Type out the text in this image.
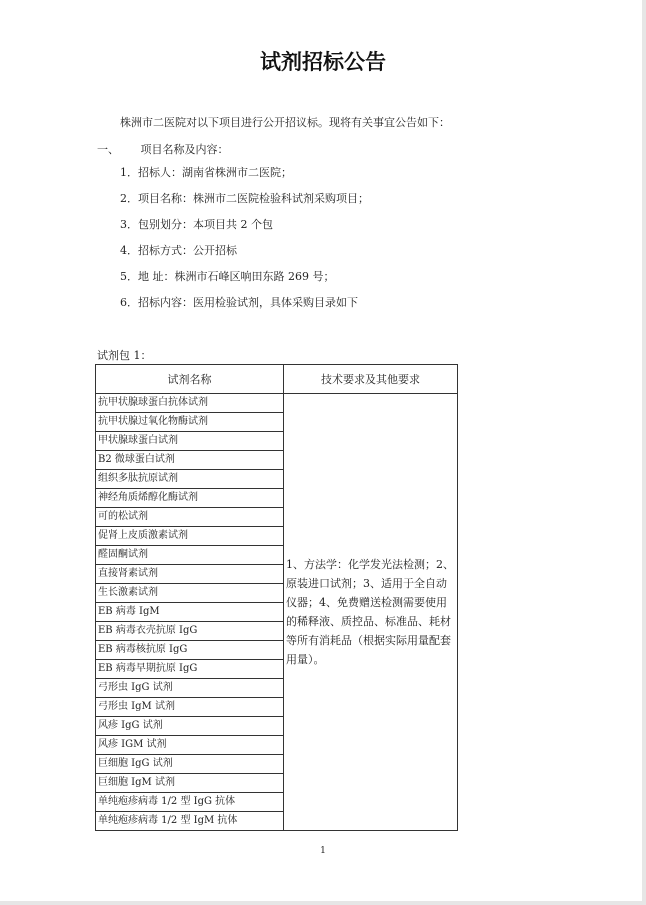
试剂招标公告
株洲市二医院对以下项目进行公开招议标。现将有关事宜公告如下：
一、 项目名称及内容：
1．招标人：湖南省株洲市二医院；
2．项目名称：株洲市二医院检验科试剂采购项目；
3．包别划分：本项目共 2 个包
4．招标方式：公开招标
5．地 址：株洲市石峰区响田东路 269 号；
6．招标内容：医用检验试剂，具体采购目录如下
试剂包 1：
试剂名称	技术要求及其他要求
抗甲状腺球蛋白抗体试剂	1、方法学：化学发光法检测；2、原装进口试剂；3、适用于全自动仪器；4、免费赠送检测需要使用的稀释液、质控品、标准品、耗材等所有消耗品（根据实际用量配套用量）。
抗甲状腺过氧化物酶试剂	
甲状腺球蛋白试剂	
B2 微球蛋白试剂	
组织多肽抗原试剂	
神经角质烯醇化酶试剂	
可的松试剂	
促肾上皮质激素试剂	
醛固酮试剂	
直接肾素试剂	
生长激素试剂	
EB 病毒 IgM	
EB 病毒衣壳抗原 IgG	
EB 病毒核抗原 IgG	
EB 病毒早期抗原 IgG	
弓形虫 IgG 试剂	
弓形虫 IgM 试剂	
风疹 IgG 试剂	
风疹 IGM 试剂	
巨细胞 IgG 试剂	
巨细胞 IgM 试剂	
单纯疱疹病毒 1/2 型 IgG 抗体	
单纯疱疹病毒 1/2 型 IgM 抗体	
1
